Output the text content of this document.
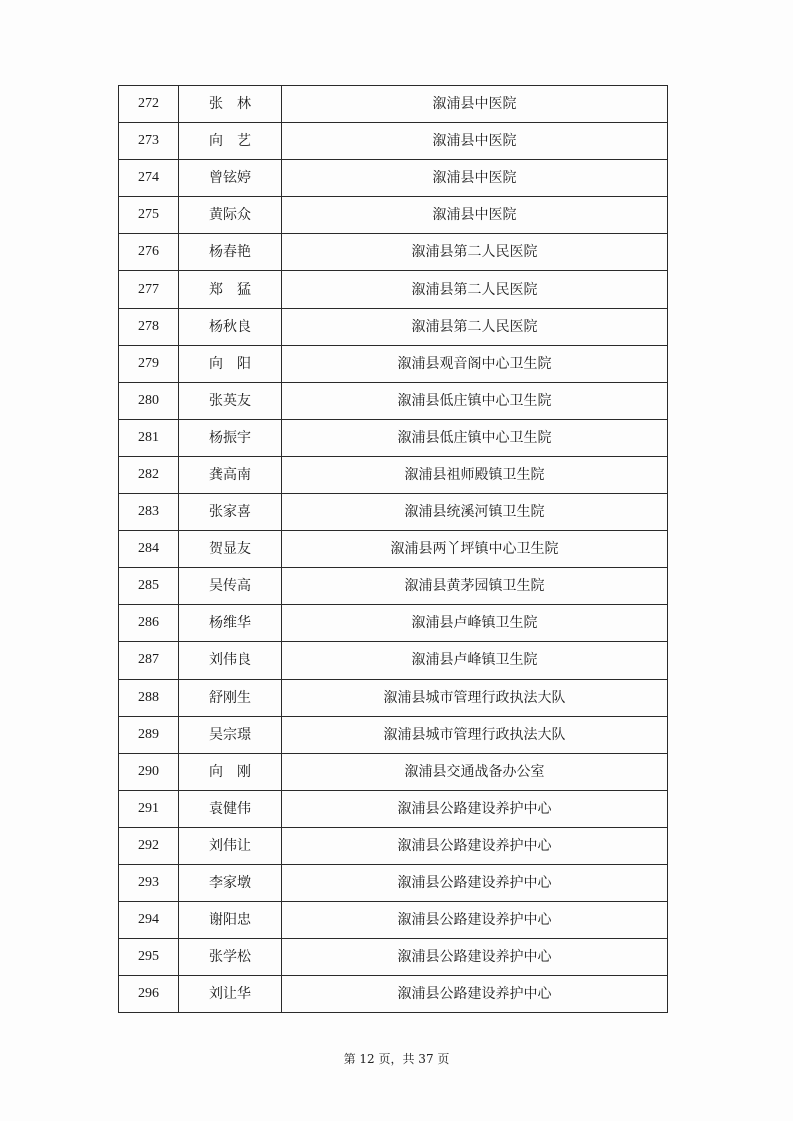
272	张　林	溆浦县中医院
273	向　艺	溆浦县中医院
274	曾铉婷	溆浦县中医院
275	黄际众	溆浦县中医院
276	杨春艳	溆浦县第二人民医院
277	郑　猛	溆浦县第二人民医院
278	杨秋良	溆浦县第二人民医院
279	向　阳	溆浦县观音阁中心卫生院
280	张英友	溆浦县低庄镇中心卫生院
281	杨振宇	溆浦县低庄镇中心卫生院
282	龚高南	溆浦县祖师殿镇卫生院
283	张家喜	溆浦县统溪河镇卫生院
284	贺显友	溆浦县两丫坪镇中心卫生院
285	吴传高	溆浦县黄茅园镇卫生院
286	杨维华	溆浦县卢峰镇卫生院
287	刘伟良	溆浦县卢峰镇卫生院
288	舒刚生	溆浦县城市管理行政执法大队
289	吴宗璟	溆浦县城市管理行政执法大队
290	向　刚	溆浦县交通战备办公室
291	袁健伟	溆浦县公路建设养护中心
292	刘伟让	溆浦县公路建设养护中心
293	李家墩	溆浦县公路建设养护中心
294	谢阳忠	溆浦县公路建设养护中心
295	张学松	溆浦县公路建设养护中心
296	刘让华	溆浦县公路建设养护中心
第 12 页，共 37 页
